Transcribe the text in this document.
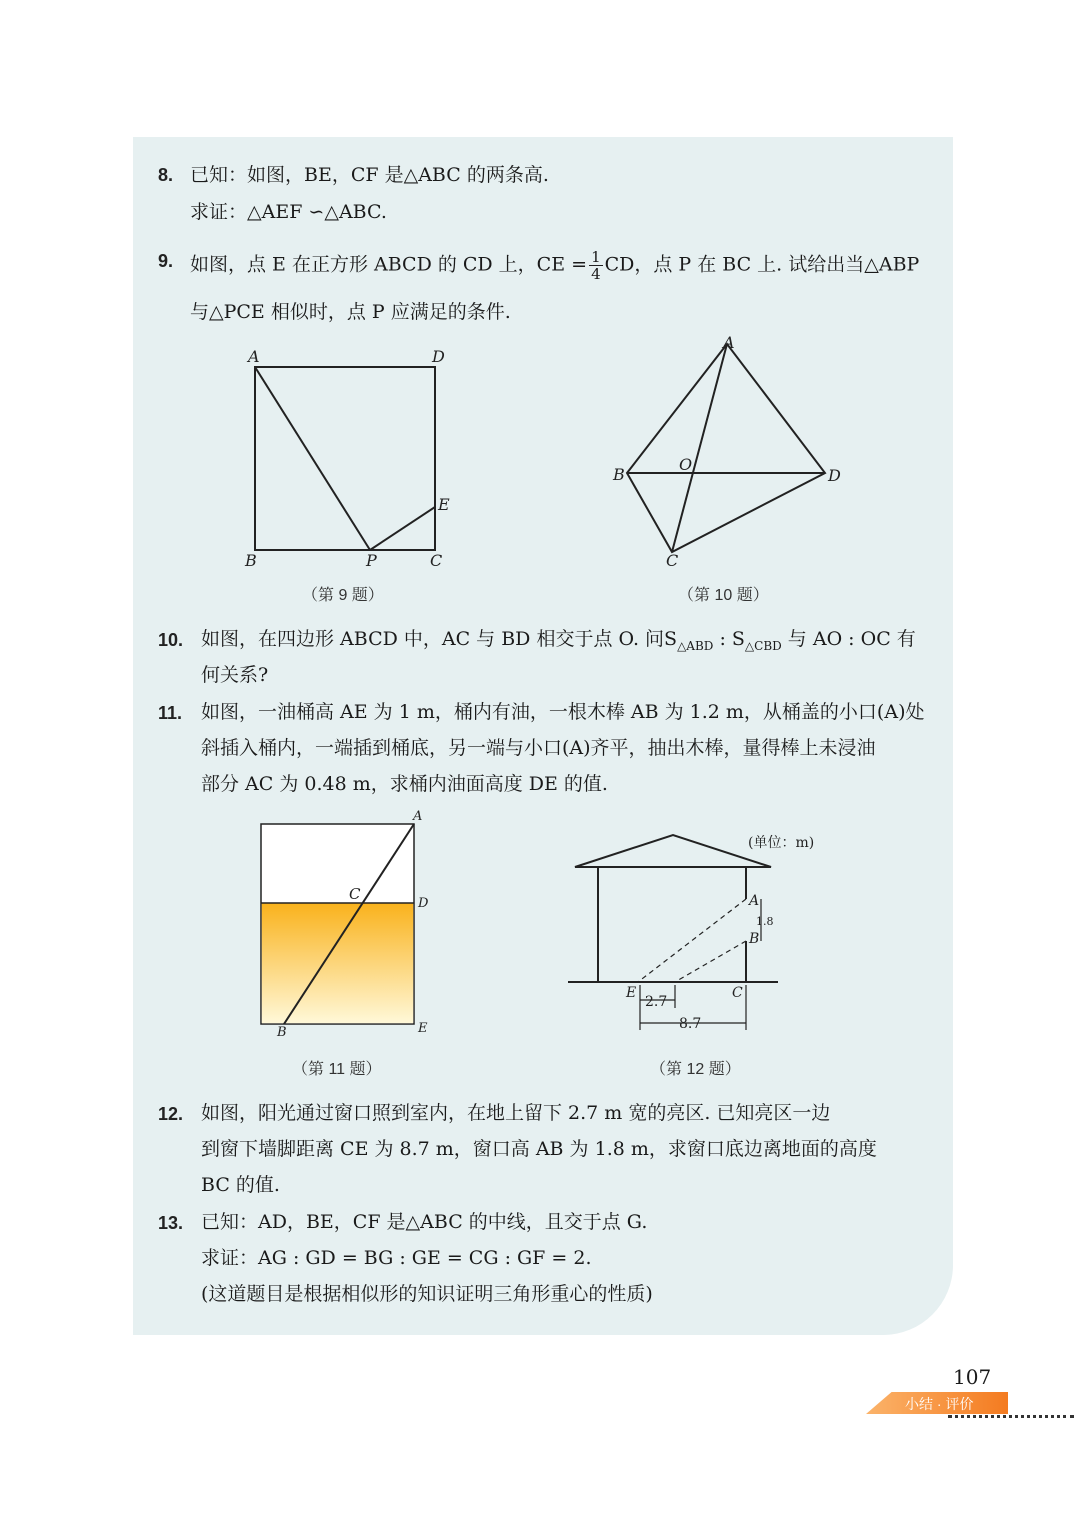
8. 已知：如图，BE，CF 是△ABC 的两条高.
求证：△AEF ∽△ABC.
9. 如图，点 E 在正方形 ABCD 的 CD 上，CE = $\frac{1}{4}$ CD，点 P 在 BC 上. 试给出当△ABP
与△PCE 相似时，点 P 应满足的条件.
A	D
B	P	C
E
（第 9 题）
A
B
O
D
C
（第 10 题）
10. 如图，在四边形 ABCD 中，AC 与 BD 相交于点 O. 问$S_{\triangle ABD}$ : $S_{\triangle CBD}$ 与 AO : OC 有
何关系?
11. 如图，一油桶高 AE 为 1 m，桶内有油，一根木棒 AB 为 1.2 m，从桶盖的小口(A)处
斜插入桶内，一端插到桶底，另一端与小口(A)齐平，抽出木棒，量得棒上未浸油
部分 AC 为 0.48 m，求桶内油面高度 DE 的值.
A
C
D
B	E
（第 11 题）
(单位：m)
A
B
1.8
E	C
2.7
8.7
（第 12 题）
12. 如图，阳光通过窗口照到室内，在地上留下 2.7 m 宽的亮区. 已知亮区一边
到窗下墙脚距离 CE 为 8.7 m，窗口高 AB 为 1.8 m，求窗口底边离地面的高度
BC 的值.
13. 已知：AD，BE，CF 是△ABC 的中线，且交于点 G.
求证：AG : GD = BG : GE = CG : GF = 2.
(这道题目是根据相似形的知识证明三角形重心的性质)
107
小结 · 评价
